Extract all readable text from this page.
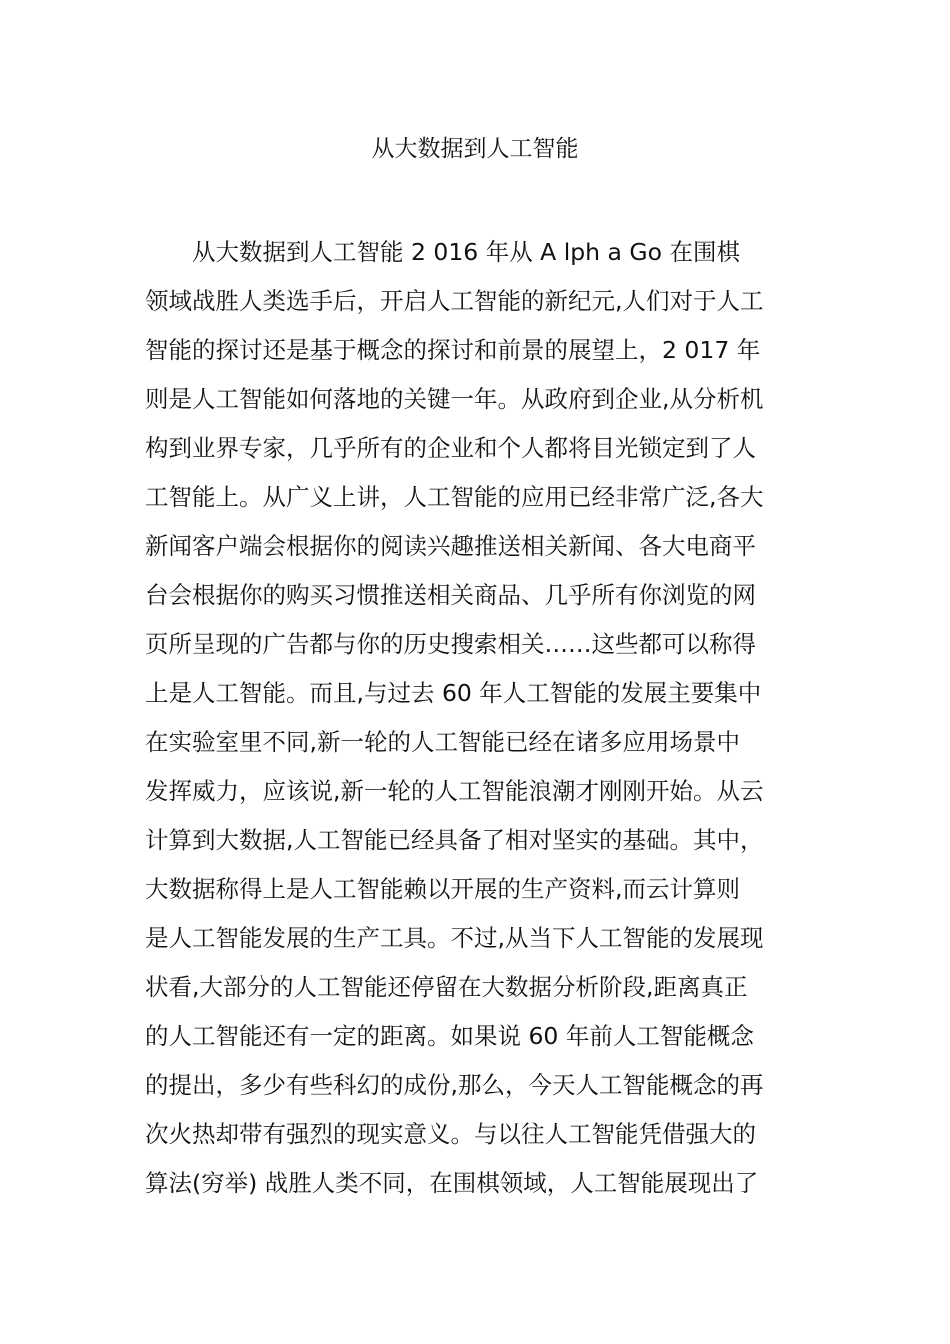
从大数据到人工智能
从大数据到人工智能 2 016 年从 A lph a Go 在围棋
领域战胜人类选手后，开启人工智能的新纪元,人们对于人工
智能的探讨还是基于概念的探讨和前景的展望上，2 017 年
则是人工智能如何落地的关键一年。从政府到企业,从分析机
构到业界专家，几乎所有的企业和个人都将目光锁定到了人
工智能上。从广义上讲，人工智能的应用已经非常广泛,各大
新闻客户端会根据你的阅读兴趣推送相关新闻、各大电商平
台会根据你的购买习惯推送相关商品、几乎所有你浏览的网
页所呈现的广告都与你的历史搜索相关……这些都可以称得
上是人工智能。而且,与过去 60 年人工智能的发展主要集中
在实验室里不同,新一轮的人工智能已经在诸多应用场景中
发挥威力，应该说,新一轮的人工智能浪潮才刚刚开始。从云
计算到大数据,人工智能已经具备了相对坚实的基础。其中，
大数据称得上是人工智能赖以开展的生产资料,而云计算则
是人工智能发展的生产工具。不过,从当下人工智能的发展现
状看,大部分的人工智能还停留在大数据分析阶段,距离真正
的人工智能还有一定的距离。如果说 60 年前人工智能概念
的提出，多少有些科幻的成份,那么，今天人工智能概念的再
次火热却带有强烈的现实意义。与以往人工智能凭借强大的
算法(穷举) 战胜人类不同，在围棋领域，人工智能展现出了
